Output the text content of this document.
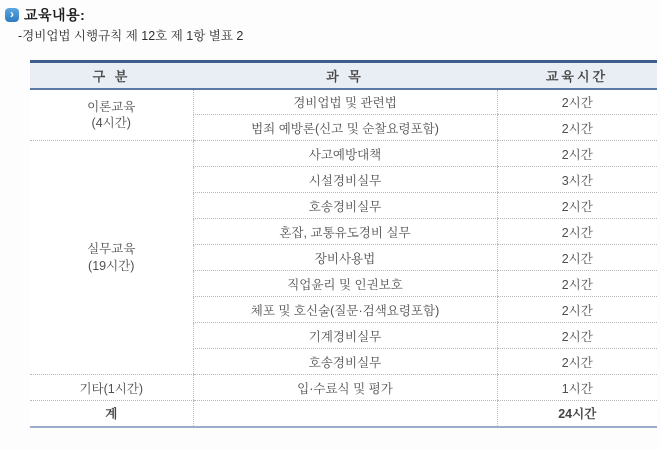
› 교육내용:
-경비업법 시행규칙 제 12호 제 1항 별표 2
구 분	과 목	교육시간
이론교육
(4시간)	경비업법 및 관련법	2시간
	범죄 예방론(신고 및 순찰요령포함)	2시간
실무교육
(19시간)	사고예방대책	2시간
	시설경비실무	3시간
	호송경비실무	2시간
	혼잡, 교통유도경비 실무	2시간
	장비사용법	2시간
	직업윤리 및 인권보호	2시간
	체포 및 호신술(질문·검색요령포함)	2시간
	기계경비실무	2시간
	호송경비실무	2시간
기타(1시간)	입·수료식 및 평가	1시간
계		24시간
